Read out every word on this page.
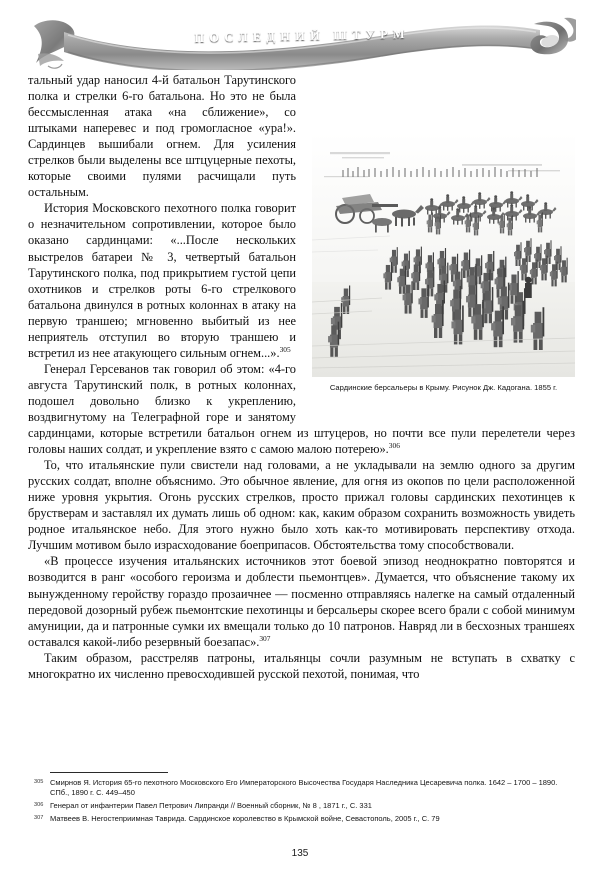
ПОСЛЕДНИЙ ШТУРМ

тальный удар наносил 4-й батальон Тарутинского полка и стрелки 6-го батальона. Но это не была бессмысленная атака «на сближение», со штыками наперевес и под громогласное «ура!». Сардинцев вышибали огнем. Для усиления стрелков были выделены все штцуцерные пехоты, которые своими пулями расчищали путь остальным.

История Московского пехотного полка говорит о незначительном сопротивлении, которое было оказано сардинцами: «...После нескольких выстрелов батареи № 3, четвертый батальон Тарутинского полка, под прикрытием густой цепи охотников и стрелков роты 6-го стрелкового батальона двинулся в ротных колоннах в атаку на первую траншею; мгновенно выбитый из нее неприятель отступил во вторую траншею и встретил из нее атакующего сильным огнем...».$^{305}$

Генерал Герсеванов так говорил об этом: «4-го августа Тарутинский полк, в ротных колоннах, подошел довольно близко к укреплению, воздвигнутому на Телеграфной горе и занятому сардинцами, которые встретили батальон огнем из штуцеров, но почти все пули перелетели через головы наших солдат, и укрепление взято с самою малою потерею».$^{306}$

То, что итальянские пули свистели над головами, а не укладывали на землю одного за другим русских солдат, вполне объяснимо. Это обычное явление, для огня из окопов по цели расположенной ниже уровня укрытия. Огонь русских стрелков, просто прижал головы сардинских пехотинцев к брустверам и заставлял их думать лишь об одном: как, каким образом сохранить возможность увидеть родное итальянское небо. Для этого нужно было хоть как-то мотивировать перспективу отхода. Лучшим мотивом было израсходование боеприпасов. Обстоятельства тому способствовали.

«В процессе изучения итальянских источников этот боевой эпизод неоднократно повторятся и возводится в ранг «особого героизма и доблести пьемонтцев». Думается, что объяснение такому их вынужденному геройству гораздо прозаичнее — посменно отправляясь налегке на самый отдаленный передовой дозорный рубеж пьемонтские пехотинцы и берсальеры скорее всего брали с собой минимум амуниции, да и патронные сумки их вмещали только до 10 патронов. Навряд ли в бесхозных траншеях оставался какой-либо резервный боезапас».$^{307}$

Таким образом, расстреляв патроны, итальянцы сочли разумным не вступать в схватку с многократно их численно превосходившей русской пехотой, понимая, что

Сардинские берсальеры в Крыму. Рисунок Дж. Кадогана. 1855 г.
305 Смирнов Я. История 65-го пехотного Московского Его Императорского Высочества Государя Наследника Цесаревича полка. 1642 – 1700 – 1890. СПб., 1890 г. С. 449–450
306 Генерал от инфантерии Павел Петрович Липранди // Военный сборник, № 8 , 1871 г., С. 331
307 Матвеев В. Негостеприимная Таврида. Сардинское королевство в Крымской войне, Севастополь, 2005 г., С. 79
135
